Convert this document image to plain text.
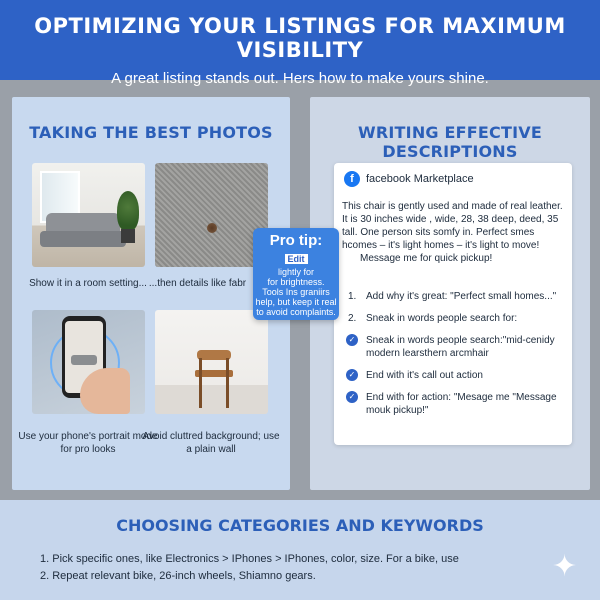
OPTIMIZING YOUR LISTINGS FOR MAXIMUM VISIBILITY

A great listing stands out. Hers how to make yours shine.

TAKING THE BEST PHOTOS
Show it in a room setting... ...then details like fabr
Use your phone's portrait mode for pro looks
Avoid cluttred background; use a plain wall
WRITING EFFECTIVE DESCRIPTIONS
f	facebook Marketplace
This chair is gently used and made of real leather. It is 30 inches wide , wide, 28, 38 deep, deed, 35 tall. One person sits somfy in. Perfect smes hcomes – it's light homes – it's light to move!
Message me for quick pickup!
1. Add why it's great: "Perfect small homes..."
2. Sneak in words people search for:
✓ Sneak in words people search:"mid-cenidy modern learsthern arcmhair
✓ End with it's call out action
✓ End with for action: "Mesage me "Message mouk pickup!"
Pro tip:
Edit
lightly for
for brightness.
Tools Ins graniirs
help, but keep it real
to avoid complaints.
CHOOSING CATEGORIES AND KEYWORDS
1. Pick specific ones, like Electronics > IPhones > IPhones, color, size. For a bike, use
2. Repeat relevant bike, 26-inch wheels, Shiamno gears.	✦
